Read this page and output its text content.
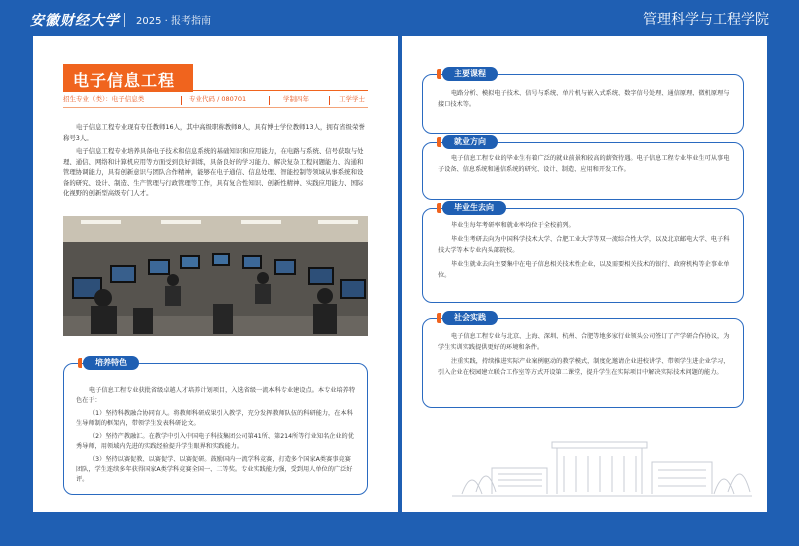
安徽财经大学 2025 · 报考指南	管理科学与工程学院
电子信息工程
招生专业（类）：电子信息类	专业代码 / 080701	学制四年	工学学士
电子信息工程专业现有专任教师16人，其中高级职称教师8人，具有博士学位教师13人，拥有省级荣誉称号3人。
电子信息工程专业培养具备电子技术和信息系统的基础知识和应用能力，在电路与系统、信号获取与处理、通信、网络和计算机应用等方面受到良好训练，具备良好的学习能力、解决复杂工程问题能力、沟通和管理协调能力，具有创新意识与团队合作精神，能够在电子通信、信息处理、智能控制等领域从事系统和设备的研究、设计、制造、生产管理与行政管理等工作，具有复合性知识、创新性精神、实践应用能力、国际化视野的创新型高级专门人才。
电子信息工程专业获批省级卓越人才培养计划项目，入选省级一流本科专业建设点。本专业培养特色在于：
（1）坚持科教融合协同育人。将教师科研成果引入教学，充分发挥教师队伍的科研能力，在本科生导师制的框架内，带领学生发表科研论文。
（2）坚持产教融汇。在教学中引入中国电子科技集团公司第41所、第214所等行业知名企业的优秀导师，用领域内先进的实践经验提升学生眼界和实践能力。
（3）坚持以赛促教、以赛促学、以赛促研。鼓励国内一流学科竞赛，打造多个国家A类赛事竞赛团队，学生连续多年获得国家A类学科竞赛全国一、二等奖。专业实践能力强，受到用人单位的广泛好评。
培养特色
主要课程
电路分析、模拟电子技术、信号与系统、单片机与嵌入式系统、数字信号处理、通信原理、微机原理与接口技术等。
就业方向
电子信息工程专业的毕业生有着广泛的就业前景和较高的薪资待遇。电子信息工程专业毕业生可从事电子设备、信息系统和通信系统的研究、设计、制造、应用和开发工作。
毕业生去向
毕业生每年考研率和就业率均位于全校前列。
毕业生考研去向为中国科学技术大学、合肥工业大学等双一流综合性大学，以及北京邮电大学、电子科技大学等本专业内头部院校。
毕业生就业去向主要集中在电子信息相关技术性企业，以及需要相关技术的银行、政府机构等企事业单位。
社会实践
电子信息工程专业与北京、上海、深圳、杭州、合肥等地多家行业领头公司签订了产学研合作协议，为学生实训实践提供更好的环境和条件。
注重实践，持续推进实际产业案例驱动的教学模式，制度化邀请企业进校讲学、带领学生进企业学习，引入企业在校园建立联合工作室等方式开设第二课堂，提升学生在实际项目中解决实际技术问题的能力。
